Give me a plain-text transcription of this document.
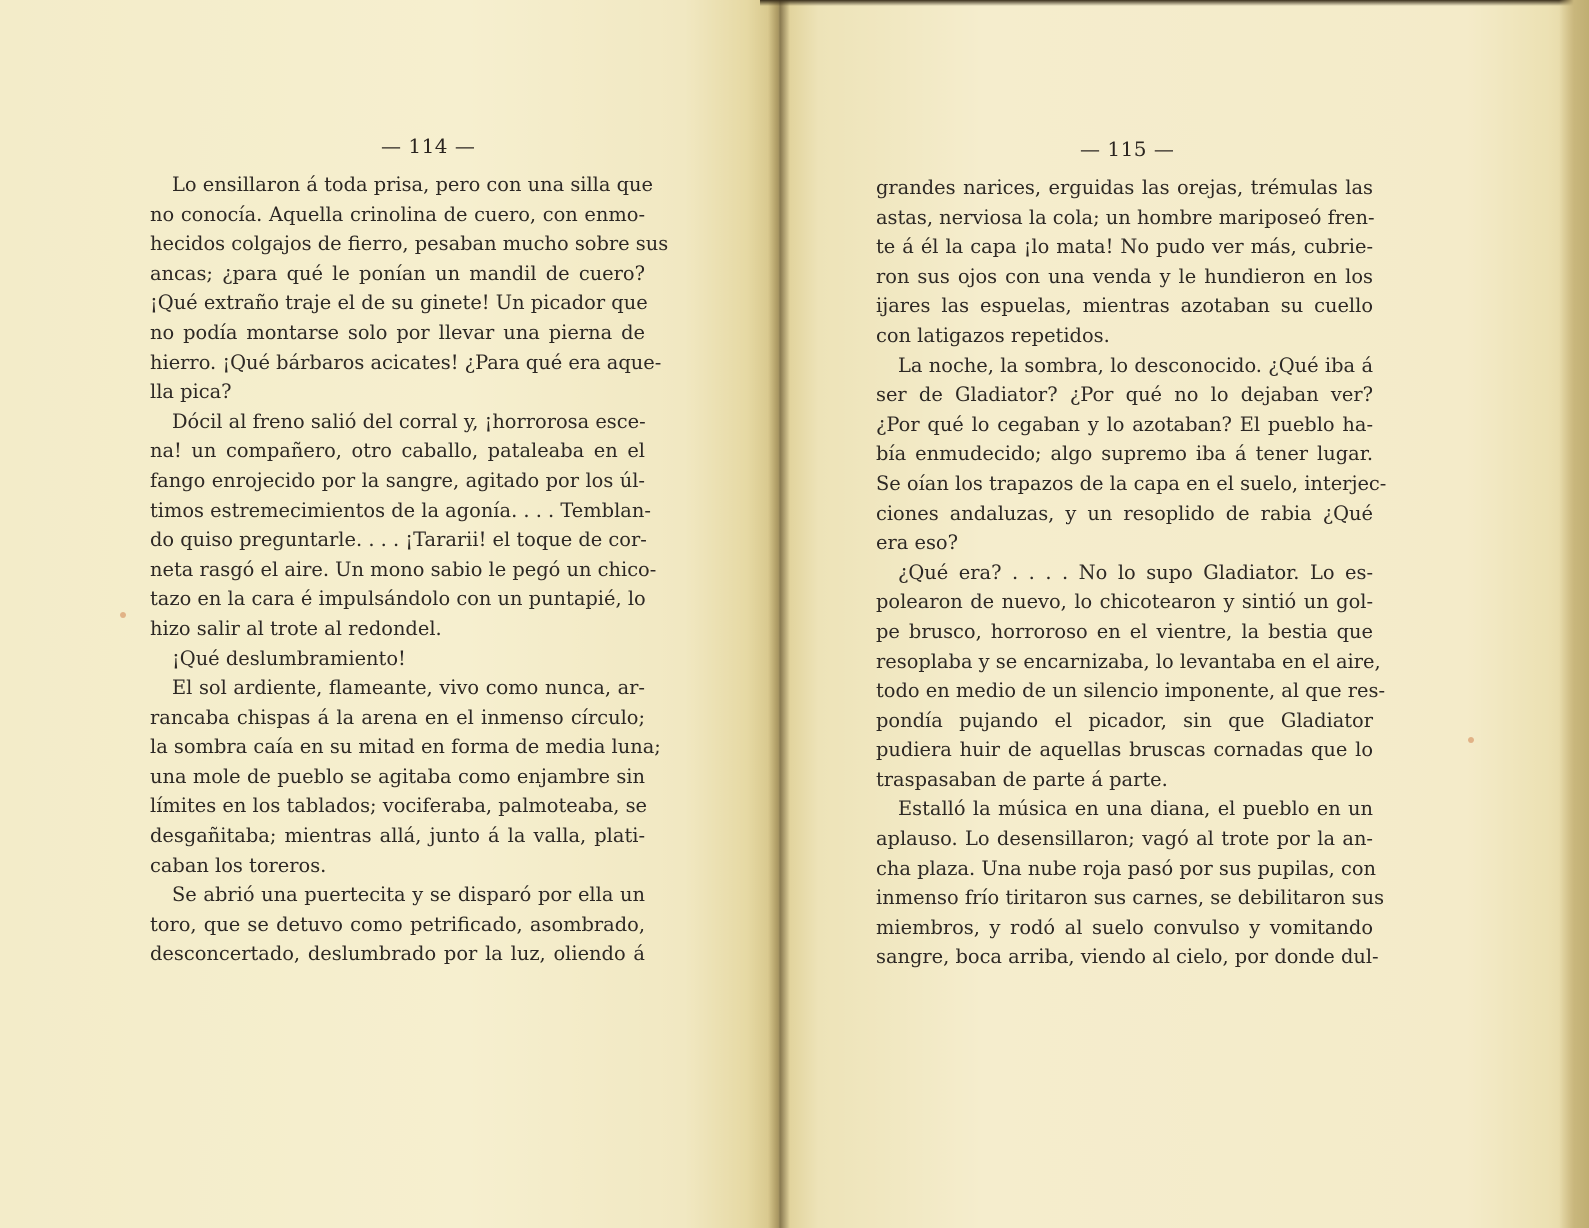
— 114 —
Lo ensillaron á toda prisa, pero con una silla que
no conocía. Aquella crinolina de cuero, con enmo-
hecidos colgajos de fierro, pesaban mucho sobre sus
ancas; ¿para qué le ponían un mandil de cuero?
¡Qué extraño traje el de su ginete! Un picador que
no podía montarse solo por llevar una pierna de
hierro. ¡Qué bárbaros acicates! ¿Para qué era aque-
lla pica?
Dócil al freno salió del corral y, ¡horrorosa esce-
na! un compañero, otro caballo, pataleaba en el
fango enrojecido por la sangre, agitado por los úl-
timos estremecimientos de la agonía. . . . Temblan-
do quiso preguntarle. . . . ¡Tararii! el toque de cor-
neta rasgó el aire. Un mono sabio le pegó un chico-
tazo en la cara é impulsándolo con un puntapié, lo
hizo salir al trote al redondel.
¡Qué deslumbramiento!
El sol ardiente, flameante, vivo como nunca, ar-
rancaba chispas á la arena en el inmenso círculo;
la sombra caía en su mitad en forma de media luna;
una mole de pueblo se agitaba como enjambre sin
límites en los tablados; vociferaba, palmoteaba, se
desgañitaba; mientras allá, junto á la valla, plati-
caban los toreros.
Se abrió una puertecita y se disparó por ella un
toro, que se detuvo como petrificado, asombrado,
desconcertado, deslumbrado por la luz, oliendo á
— 115 —
grandes narices, erguidas las orejas, trémulas las
astas, nerviosa la cola; un hombre mariposeó fren-
te á él la capa ¡lo mata! No pudo ver más, cubrie-
ron sus ojos con una venda y le hundieron en los
ijares las espuelas, mientras azotaban su cuello
con latigazos repetidos.
La noche, la sombra, lo desconocido. ¿Qué iba á
ser de Gladiator? ¿Por qué no lo dejaban ver?
¿Por qué lo cegaban y lo azotaban? El pueblo ha-
bía enmudecido; algo supremo iba á tener lugar.
Se oían los trapazos de la capa en el suelo, interjec-
ciones andaluzas, y un resoplido de rabia ¿Qué
era eso?
¿Qué era? . . . . No lo supo Gladiator. Lo es-
polearon de nuevo, lo chicotearon y sintió un gol-
pe brusco, horroroso en el vientre, la bestia que
resoplaba y se encarnizaba, lo levantaba en el aire,
todo en medio de un silencio imponente, al que res-
pondía pujando el picador, sin que Gladiator
pudiera huir de aquellas bruscas cornadas que lo
traspasaban de parte á parte.
Estalló la música en una diana, el pueblo en un
aplauso. Lo desensillaron; vagó al trote por la an-
cha plaza. Una nube roja pasó por sus pupilas, con
inmenso frío tiritaron sus carnes, se debilitaron sus
miembros, y rodó al suelo convulso y vomitando
sangre, boca arriba, viendo al cielo, por donde dul-
